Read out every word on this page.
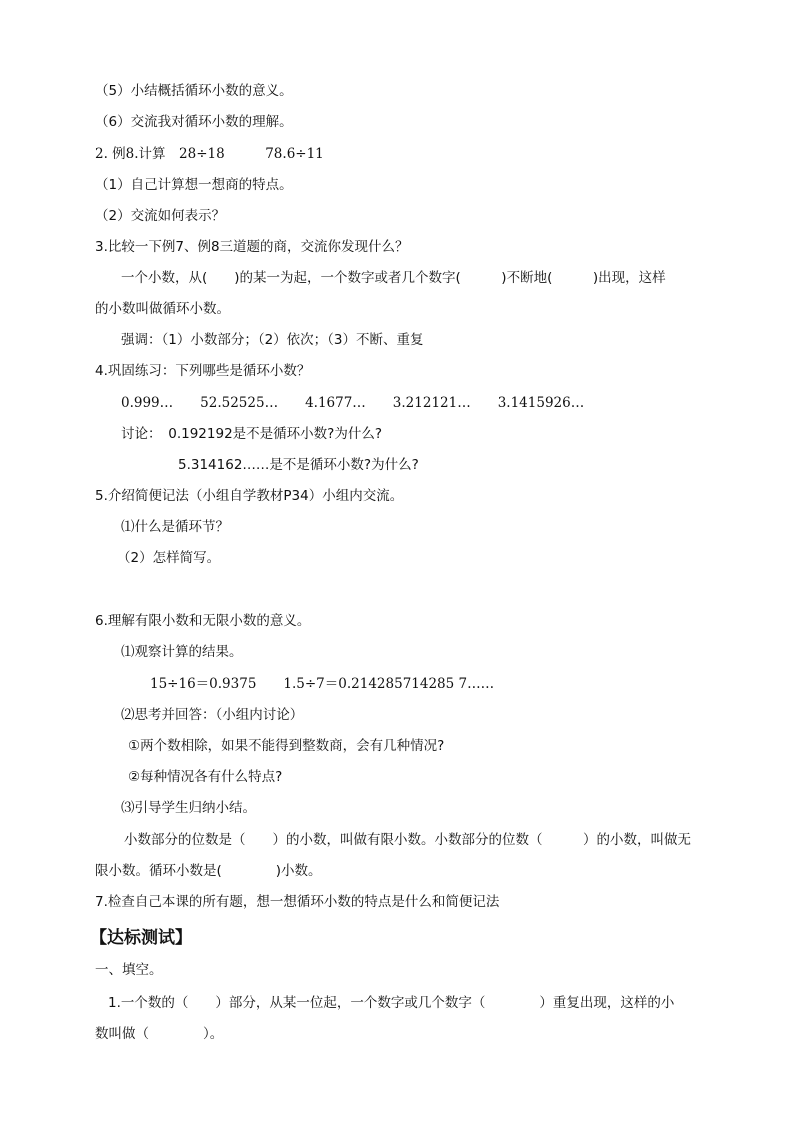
（5）小结概括循环小数的意义。
（6）交流我对循环小数的理解。
2. 例8.计算　28÷18　　　78.6÷11
（1）自己计算想一想商的特点。
（2）交流如何表示？
3.比较一下例7、例8三道题的商，交流你发现什么？
一个小数，从(　　)的某一为起，一个数字或者几个数字(　　　)不断地(　　　)出现，这样
的小数叫做循环小数。
强调：（1）小数部分；（2）依次；（3）不断、重复
4.巩固练习：下列哪些是循环小数？
0.999…　　52.52525…　　4.1677…　　3.212121…　　3.1415926…
讨论：　0.192192是不是循环小数?为什么?
5.314162……是不是循环小数?为什么?
5.介绍简便记法（小组自学教材P34）小组内交流。
⑴什么是循环节？
（2）怎样简写。
6.理解有限小数和无限小数的意义。
⑴观察计算的结果。
15÷16＝0.9375　　1.5÷7＝0.214285714285 7……
⑵思考并回答：（小组内讨论）
①两个数相除，如果不能得到整数商，会有几种情况?
②每种情况各有什么特点?
⑶引导学生归纳小结。
小数部分的位数是（　　）的小数，叫做有限小数。小数部分的位数（　　　）的小数，叫做无
限小数。循环小数是(　　　　)小数。
7.检查自己本课的所有题，想一想循环小数的特点是什么和简便记法
【达标测试】
一、填空。
1.一个数的（　　）部分，从某一位起，一个数字或几个数字（　　　　）重复出现，这样的小
数叫做（　　　　）。
